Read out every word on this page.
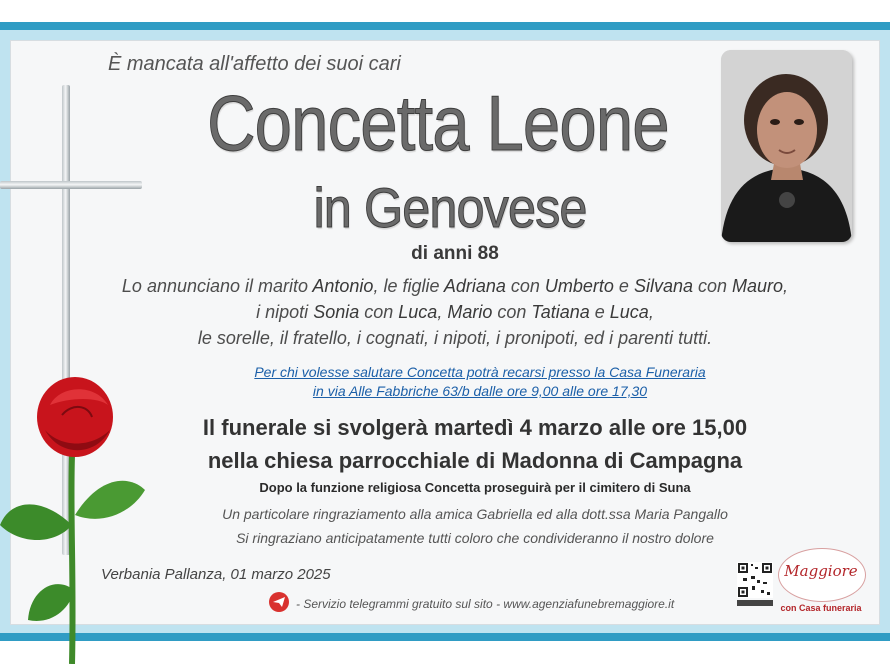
È mancata all'affetto dei suoi cari
Concetta Leone
in Genovese
di anni 88
Lo annunciano il marito Antonio, le figlie Adriana con Umberto e Silvana con Mauro,
i nipoti Sonia con Luca, Mario con Tatiana e Luca,
le sorelle, il fratello, i cognati, i nipoti, i pronipoti, ed i parenti tutti.
Per chi volesse salutare Concetta potrà recarsi presso la Casa Funeraria
in via Alle Fabbriche 63/b dalle ore 9,00 alle ore 17,30
Il funerale si svolgerà martedì 4 marzo alle ore 15,00
nella chiesa parrocchiale di Madonna di Campagna
Dopo la funzione religiosa Concetta proseguirà per il cimitero di Suna
Un particolare ringraziamento alla amica Gabriella ed alla dott.ssa Maria Pangallo
Si ringraziano anticipatamente tutti coloro che condivideranno il nostro dolore
Verbania Pallanza, 01 marzo 2025
- Servizio telegrammi gratuito sul sito - www.agenziafunebremaggiore.it
Maggiore
con Casa funeraria
